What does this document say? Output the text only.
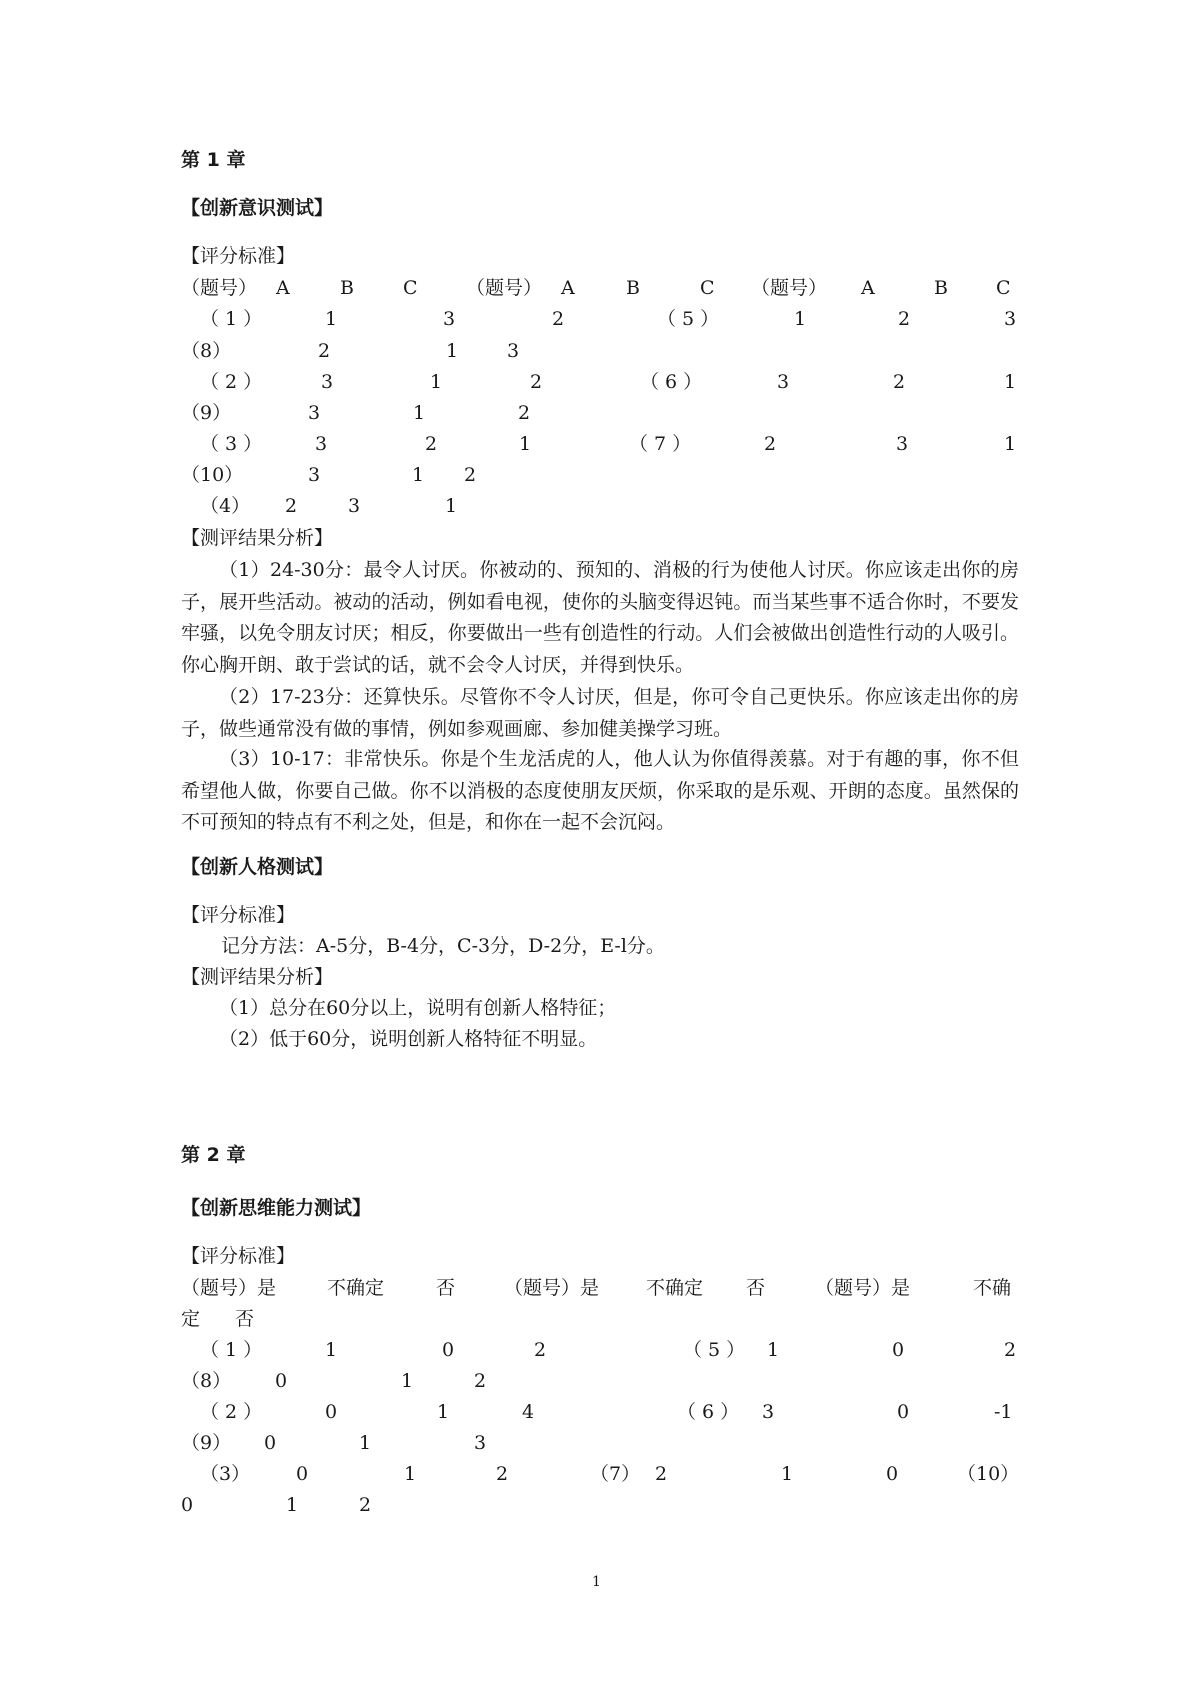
第 1 章
【创新意识测试】
【评分标准】
（题号） A	B	C	（题号） A	B	C （题号） A	B	C
（ 1 ）	1	3	2	（ 5 ）	1	2	3
（8）	2	1	3
（ 2 ）	3	1	2	（ 6 ）	3	2	1
（9）	3	1	2
（ 3 ）	3	2	1	（ 7 ）	2	3	1
（10）	3	1 2
（4） 2	3	1
【测评结果分析】
（1）24-30分：最令人讨厌。你被动的、预知的、消极的行为使他人讨厌。你应该走出你的房子，展开些活动。被动的活动，例如看电视，使你的头脑变得迟钝。而当某些事不适合你时，不要发牢骚，以免令朋友讨厌；相反，你要做出一些有创造性的行动。人们会被做出创造性行动的人吸引。你心胸开朗、敢于尝试的话，就不会令人讨厌，并得到快乐。
（2）17-23分：还算快乐。尽管你不令人讨厌，但是，你可令自己更快乐。你应该走出你的房子，做些通常没有做的事情，例如参观画廊、参加健美操学习班。
（3）10-17：非常快乐。你是个生龙活虎的人，他人认为你值得羡慕。对于有趣的事，你不但希望他人做，你要自己做。你不以消极的态度使朋友厌烦，你采取的是乐观、开朗的态度。虽然保的不可预知的特点有不利之处，但是，和你在一起不会沉闷。
【创新人格测试】
【评分标准】
记分方法：A-5分，B-4分，C-3分，D-2分，E-l分。
【测评结果分析】
（1）总分在60分以上，说明有创新人格特征；
（2）低于60分，说明创新人格特征不明显。
第 2 章
【创新思维能力测试】
【评分标准】
（题号）是	不确定	否	（题号）是 不确定 否	（题号）是	不确
定 否
（ 1 ）	1	0	2	（ 5 ） 1	0	2
（8） 0	1	2
（ 2 ）	0	1	4	（ 6 ） 3	0	-1
（9） 0	1	3
（3） 0	1	2	（7） 2	1	0	（10）
0	1	2
1
